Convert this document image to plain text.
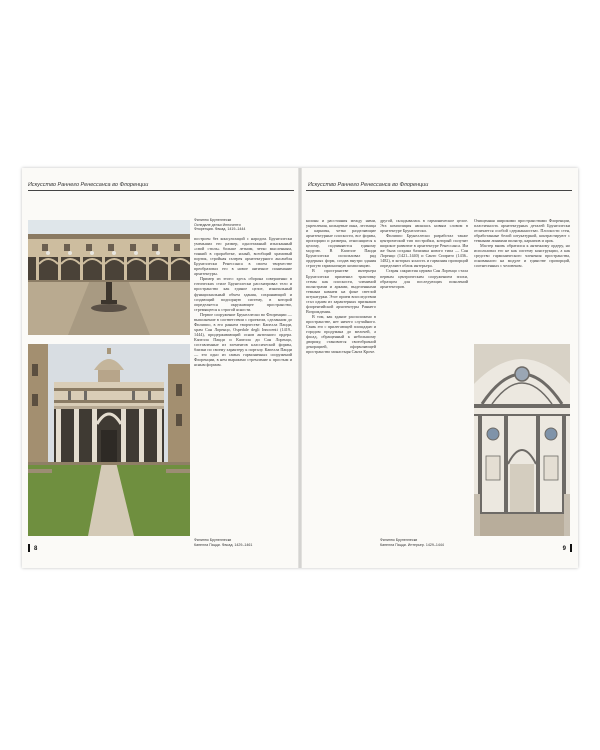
Искусство Раннего Ренессанса во Флоренции
Филиппо Брунеллески
Оспедале дельи Инноченти
Флоренция. Фасад. 1419–1444

построен без консультаций с народом. Брунеллески уменьшил его размер, одноэтажный изысканный «свой стиль» больше летним, четко мысленным, тонкий в проработке, ясный, всеобщий храмовый портик, стройная галерея архитектурного ансамбля Брунеллески Ренессанса в своем творчестве преобразовал его в новое античное понимание архитектуры.

Пример из этого: здесь оборона совершенно в готических стиле Брунеллески рассматривал тело и пространство как единое целое, изначальный функциональный объем здания, сохраняющий и создающий подпорную систему, в которой определяется окружающее пространство, стремящееся к строгой ясности.

Первое сооружение Брунеллески во Флоренции — выполнение в соответствии с проектом, сделанном до Филиппо, в его раннем творчестве: Капелла Пацци, храм Сан Лоренцо, Ospedale degli Innocenti (1419–1444), придерживающий основ античного ордера. Капелла Пацци и Капелла ди Сан Лоренцо, составленные из элементов классической формы, близки по своему характеру к порталу. Капелла Пацци — это одно из самых гармоничных сооружений Флоренции, в нем выражено стремление к простым и ясным формам.

Филиппо Брунеллески
Капелла Пацци. Фасад. 1429–1461
8
Искусство Раннего Ренессанса во Флоренции

другой, складывалась в гармоническое целое. Эта композиция являлась новым словом в архитектуре Брунеллески.

Филиппо Брунеллески разработал также центрический тип постройки, который получит широкое развитие в архитектуре Ренессанса. Им же была создана базилика нового типа — Сан Лоренцо (1421–1440) и Санто Спирито (1436–1482), в которых ясность и гармония пропорций определяют облик интерьера.

Старая сакристия церкви Сан Лоренцо стала первым центрическим сооружением эпохи, образцом для последующих поколений архитекторов.

Очищенная широкими пространствами Флоренции, пластичность архитектурных деталей Брунеллески отличается особой сдержанностью. Плоскости стен, обработанные белой штукатуркой, контрастируют с темными линиями пилястр, карнизов и арок.

Мастер вновь обратился к античному ордеру, но использовал его не как систему конструкции, а как средство гармонического членения пространства, основанного на модуле и единстве пропорций, соотнесенных с человеком.

Филиппо Брунеллески
Капелла Пацци. Интерьер. 1429–1444
9

колонн и расстояния между ними, укрепления, кольцевые окна, лестница и карнизы, четко разделяющие архитектурные плоскости, все формы, пропорции и размеры, относящиеся к целому, подчиняются единому модулю. В Капелле Пацци Брунеллески использовал ряд ордерных форм, создав внутри здания строгую гармоничную композицию.

В пространстве интерьера Брунеллески применил трактовку стены как плоскости, членимой пилястрами и арками, выделенными темным камнем на фоне светлой штукатурки. Этот прием впоследствии стал одним из характерных признаков флорентийской архитектуры Раннего Возрождения.

В том, как здание расположено в пространстве, нет ничего случайного. Связь его с прилегающей площадью и городом продумана до мелочей, а фасад, обращенный к небольшому дворику, становится своеобразной декорацией, оформляющей пространство монастыря Санта Кроче.
